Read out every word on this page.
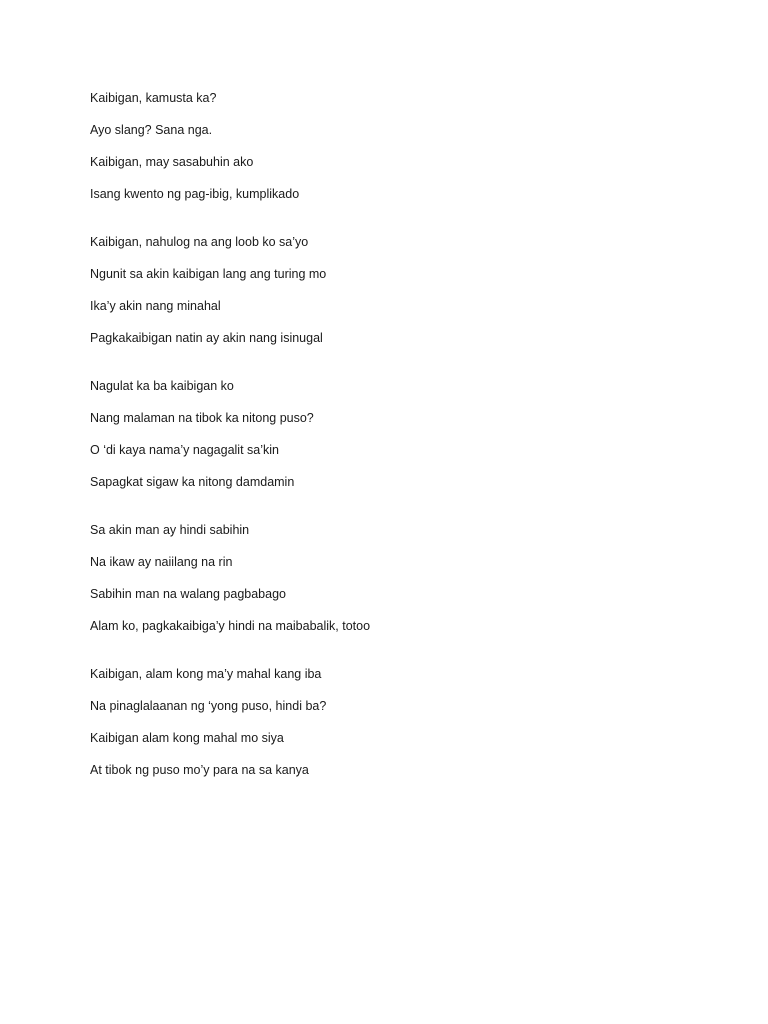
Kaibigan, kamusta ka?
Ayo slang? Sana nga.
Kaibigan, may sasabuhin ako
Isang kwento ng pag-ibig, kumplikado
Kaibigan, nahulog na ang loob ko sa’yo
Ngunit sa akin kaibigan lang ang turing mo
Ika’y akin nang minahal
Pagkakaibigan natin ay akin nang isinugal
Nagulat ka ba kaibigan ko
Nang malaman na tibok ka nitong puso?
O ‘di kaya nama’y nagagalit sa’kin
Sapagkat sigaw ka nitong damdamin
Sa akin man ay hindi sabihin
Na ikaw ay naiilang na rin
Sabihin man na walang pagbabago
Alam ko, pagkakaibiga’y hindi na maibabalik, totoo
Kaibigan, alam kong ma’y mahal kang iba
Na pinaglalaanan ng ‘yong puso, hindi ba?
Kaibigan alam kong mahal mo siya
At tibok ng puso mo’y para na sa kanya
